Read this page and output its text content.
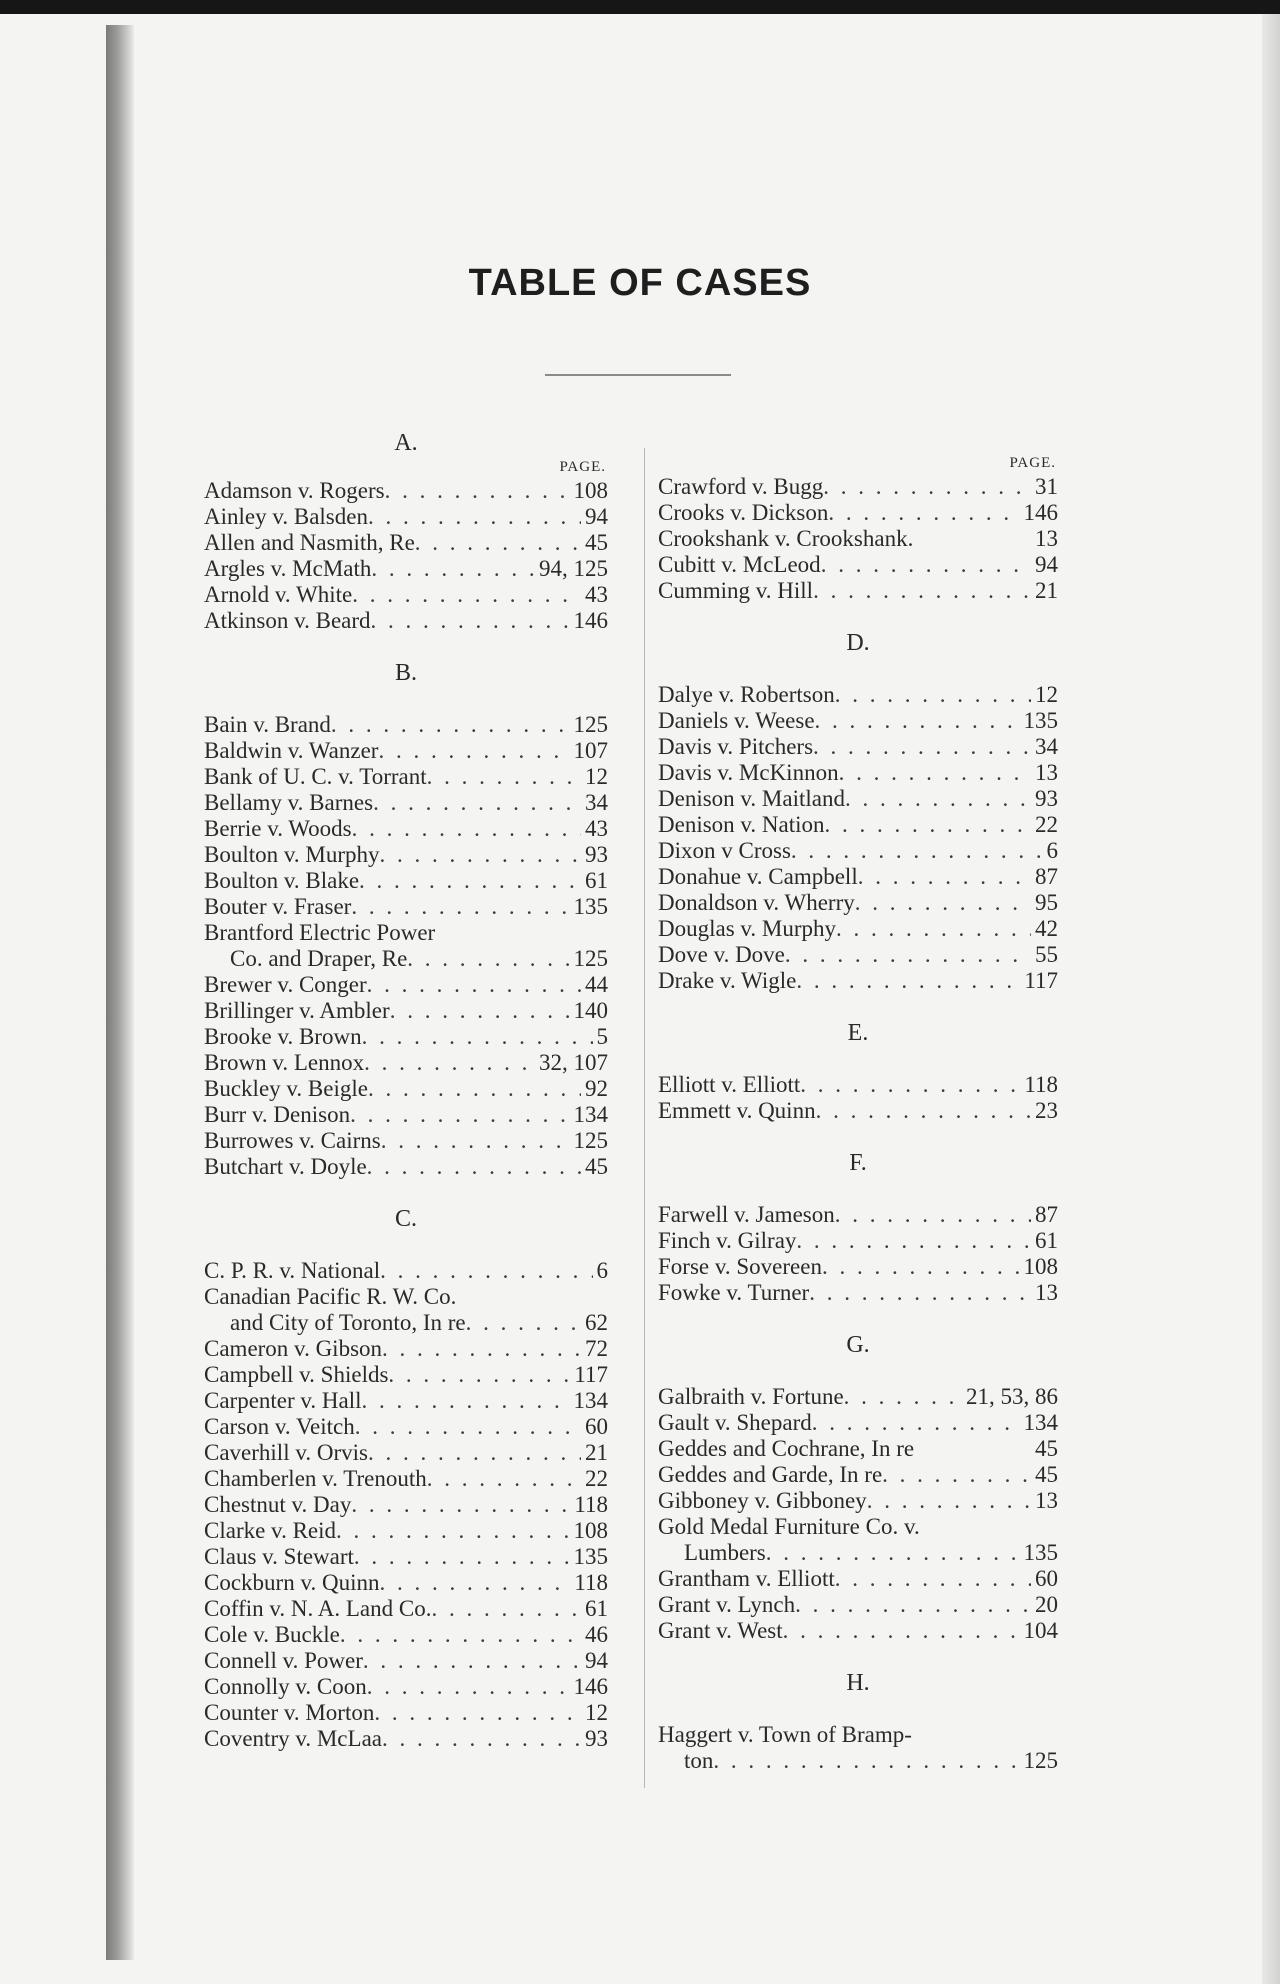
TABLE OF CASES
A.
PAGE.
Adamson v. Rogers . . .	108
Ainley v. Balsden . . .	94
Allen and Nasmith, Re . . .	45
Argles v. McMath . . .	94, 125
Arnold v. White . . .	43
Atkinson v. Beard . . .	146
B.
Bain v. Brand . . .	125
Baldwin v. Wanzer . . .	107
Bank of U. C. v. Torrant . . .	12
Bellamy v. Barnes . . .	34
Berrie v. Woods . . .	43
Boulton v. Murphy . . .	93
Boulton v. Blake . . .	61
Bouter v. Fraser . . .	135
Brantford Electric Power
Co. and Draper, Re . . .	125
Brewer v. Conger . . .	44
Brillinger v. Ambler . . .	140
Brooke v. Brown . . .	5
Brown v. Lennox . . .	32, 107
Buckley v. Beigle . . .	92
Burr v. Denison . . .	134
Burrowes v. Cairns . . .	125
Butchart v. Doyle . . .	45
C.
C. P. R. v. National . . .	6
Canadian Pacific R. W. Co.
and City of Toronto, In re . . .	62
Cameron v. Gibson . . .	72
Campbell v. Shields . . .	117
Carpenter v. Hall . . .	134
Carson v. Veitch . . .	60
Caverhill v. Orvis . . .	21
Chamberlen v. Trenouth . . .	22
Chestnut v. Day . . .	118
Clarke v. Reid . . .	108
Claus v. Stewart . . .	135
Cockburn v. Quinn . . .	118
Coffin v. N. A. Land Co. . . .	61
Cole v. Buckle . . .	46
Connell v. Power . . .	94
Connolly v. Coon . . .	146
Counter v. Morton . . .	12
Coventry v. McLaa . . .	93
PAGE.
Crawford v. Bugg . . .	31
Crooks v. Dickson . . .	146
Crookshank v. Crookshank.	13
Cubitt v. McLeod . . .	94
Cumming v. Hill . . .	21
D.
Dalye v. Robertson . . .	12
Daniels v. Weese . . .	135
Davis v. Pitchers . . .	34
Davis v. McKinnon . . .	13
Denison v. Maitland . . .	93
Denison v. Nation . . .	22
Dixon v Cross . . .	6
Donahue v. Campbell . . .	87
Donaldson v. Wherry . . .	95
Douglas v. Murphy . . .	42
Dove v. Dove . . .	55
Drake v. Wigle . . .	117
E.
Elliott v. Elliott . . .	118
Emmett v. Quinn . . .	23
F.
Farwell v. Jameson . . .	87
Finch v. Gilray . . .	61
Forse v. Sovereen . . .	108
Fowke v. Turner . . .	13
G.
Galbraith v. Fortune . . .	21, 53, 86
Gault v. Shepard . . .	134
Geddes and Cochrane, In re	45
Geddes and Garde, In re . . .	45
Gibboney v. Gibboney . . .	13
Gold Medal Furniture Co. v.
Lumbers . . .	135
Grantham v. Elliott . . .	60
Grant v. Lynch . . .	20
Grant v. West . . .	104
H.
Haggert v. Town of Bramp-
ton . . .	125
